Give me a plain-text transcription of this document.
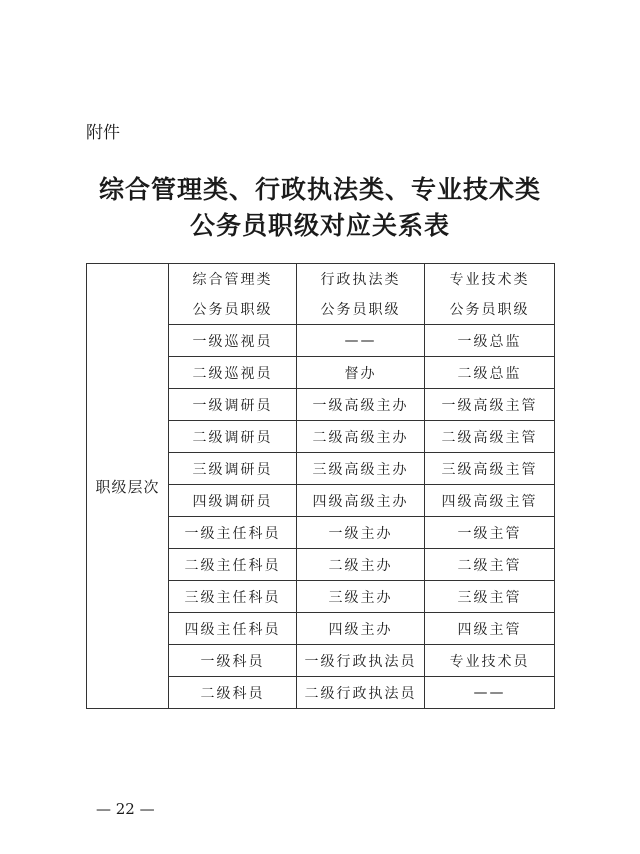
附件
综合管理类、行政执法类、专业技术类
公务员职级对应关系表
职级层次	综合管理类	行政执法类	专业技术类
	公务员职级	公务员职级	公务员职级
	一级巡视员	——	一级总监
	二级巡视员	督办	二级总监
	一级调研员	一级高级主办	一级高级主管
	二级调研员	二级高级主办	二级高级主管
	三级调研员	三级高级主办	三级高级主管
	四级调研员	四级高级主办	四级高级主管
	一级主任科员	一级主办	一级主管
	二级主任科员	二级主办	二级主管
	三级主任科员	三级主办	三级主管
	四级主任科员	四级主办	四级主管
	一级科员	一级行政执法员	专业技术员
	二级科员	二级行政执法员	——
— 22 —
